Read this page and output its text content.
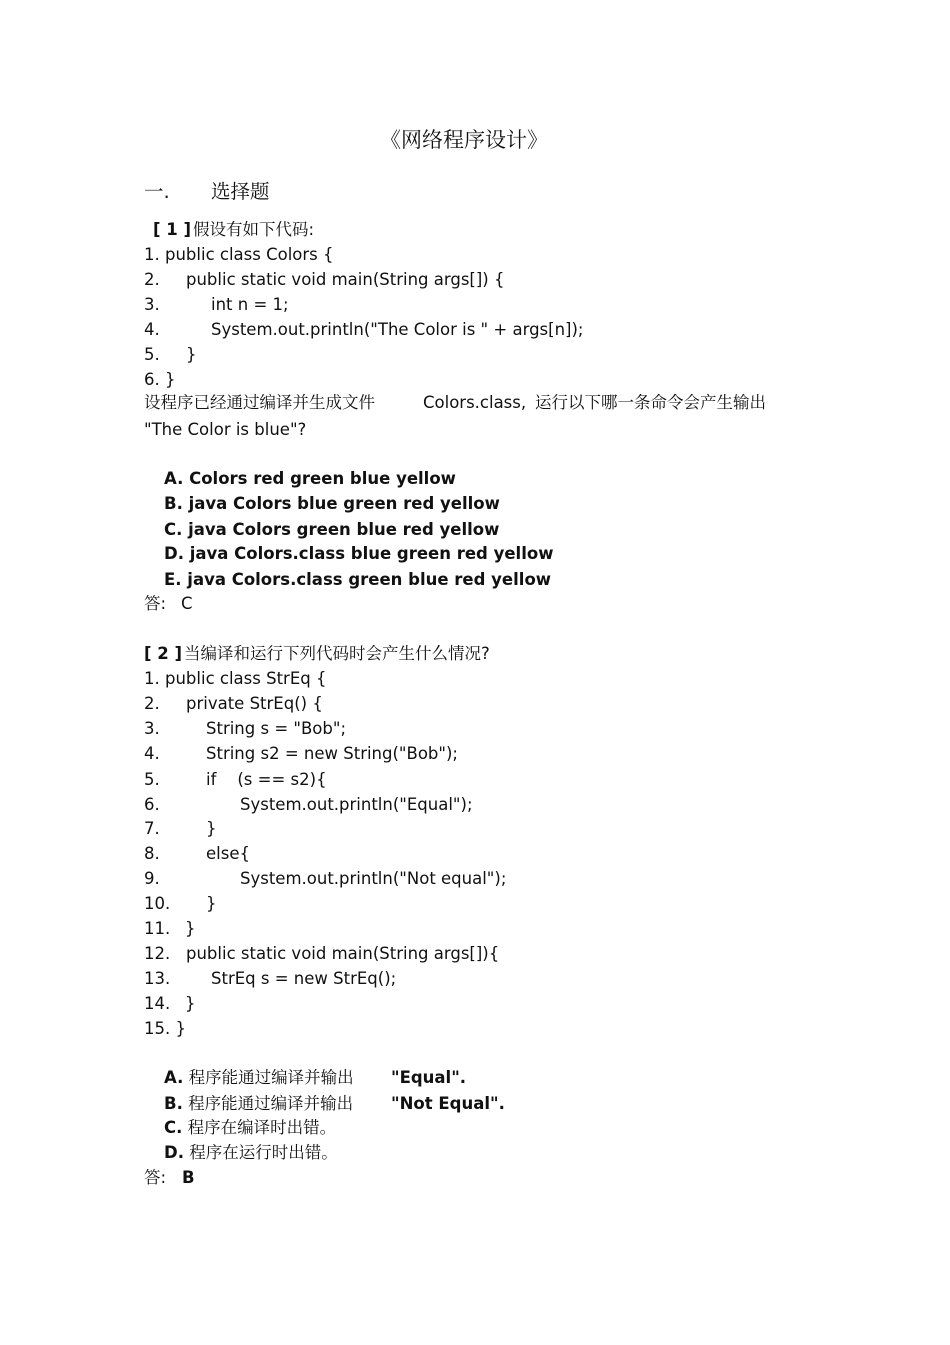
《网络程序设计》
一. 选择题
[ 1 ] 假设有如下代码:
1. public class Colors {
2. public static void main(String args[]) {
3.	int n = 1;
4.	System.out.println("The Color is " + args[n]);
5. }
6. }
设程序已经通过编译并生成文件	Colors.class, 运行以下哪一条命令会产生输出
"The Color is blue"?
A. Colors red green blue yellow
B. java Colors blue green red yellow
C. java Colors green blue red yellow
D. java Colors.class blue green red yellow
E. java Colors.class green blue red yellow
答: C
[ 2 ] 当编译和运行下列代码时会产生什么情况?
1. public class StrEq {
2. private StrEq() {
3.	String s = "Bob";
4.	String s2 = new String("Bob");
5.	if    (s == s2){
6.	System.out.println("Equal");
7.	}
8.	else{
9.	System.out.println("Not equal");
10. }
11. }
12. public static void main(String args[]){
13. StrEq s = new StrEq();
14. }
15. }
A. 程序能通过编译并输出 "Equal".
B. 程序能通过编译并输出 "Not Equal".
C. 程序在编译时出错。
D. 程序在运行时出错。
答: B
